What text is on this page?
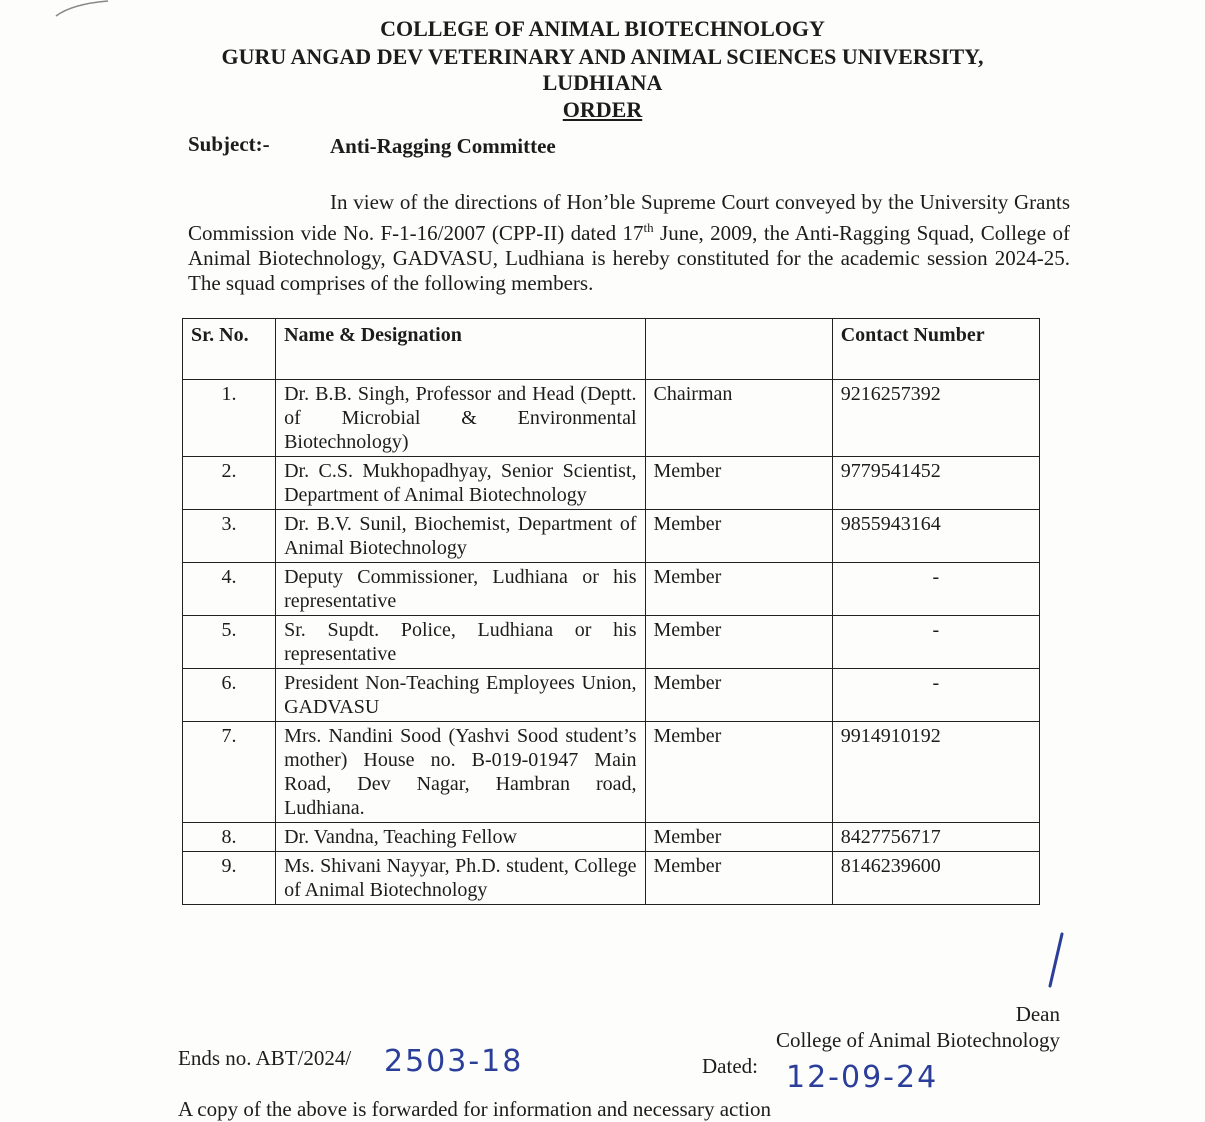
COLLEGE OF ANIMAL BIOTECHNOLOGY
GURU ANGAD DEV VETERINARY AND ANIMAL SCIENCES UNIVERSITY,
LUDHIANA
ORDER
Subject:-	Anti-Ragging Committee
In view of the directions of Hon’ble Supreme Court conveyed by the University Grants Commission vide No. F-1-16/2007 (CPP-II) dated 17th June, 2009, the Anti-Ragging Squad, College of Animal Biotechnology, GADVASU, Ludhiana is hereby constituted for the academic session 2024-25. The squad comprises of the following members.
Sr. No.	Name & Designation		Contact Number
1.	Dr. B.B. Singh, Professor and Head (Deptt. of Microbial & Environmental Biotechnology)	Chairman	9216257392
2.	Dr. C.S. Mukhopadhyay, Senior Scientist, Department of Animal Biotechnology	Member	9779541452
3.	Dr. B.V. Sunil, Biochemist, Department of Animal Biotechnology	Member	9855943164
4.	Deputy Commissioner, Ludhiana or his representative	Member	-
5.	Sr. Supdt. Police, Ludhiana or his representative	Member	-
6.	President Non-Teaching Employees Union, GADVASU	Member	-
7.	Mrs. Nandini Sood (Yashvi Sood student’s mother) House no. B-019-01947 Main Road, Dev Nagar, Hambran road, Ludhiana.	Member	9914910192
8.	Dr. Vandna, Teaching Fellow	Member	8427756717
9.	Ms. Shivani Nayyar, Ph.D. student, College of Animal Biotechnology	Member	8146239600
Dean
College of Animal Biotechnology
Ends no. ABT/2024/ 2503-18	Dated: 12-09-24
A copy of the above is forwarded for information and necessary action
